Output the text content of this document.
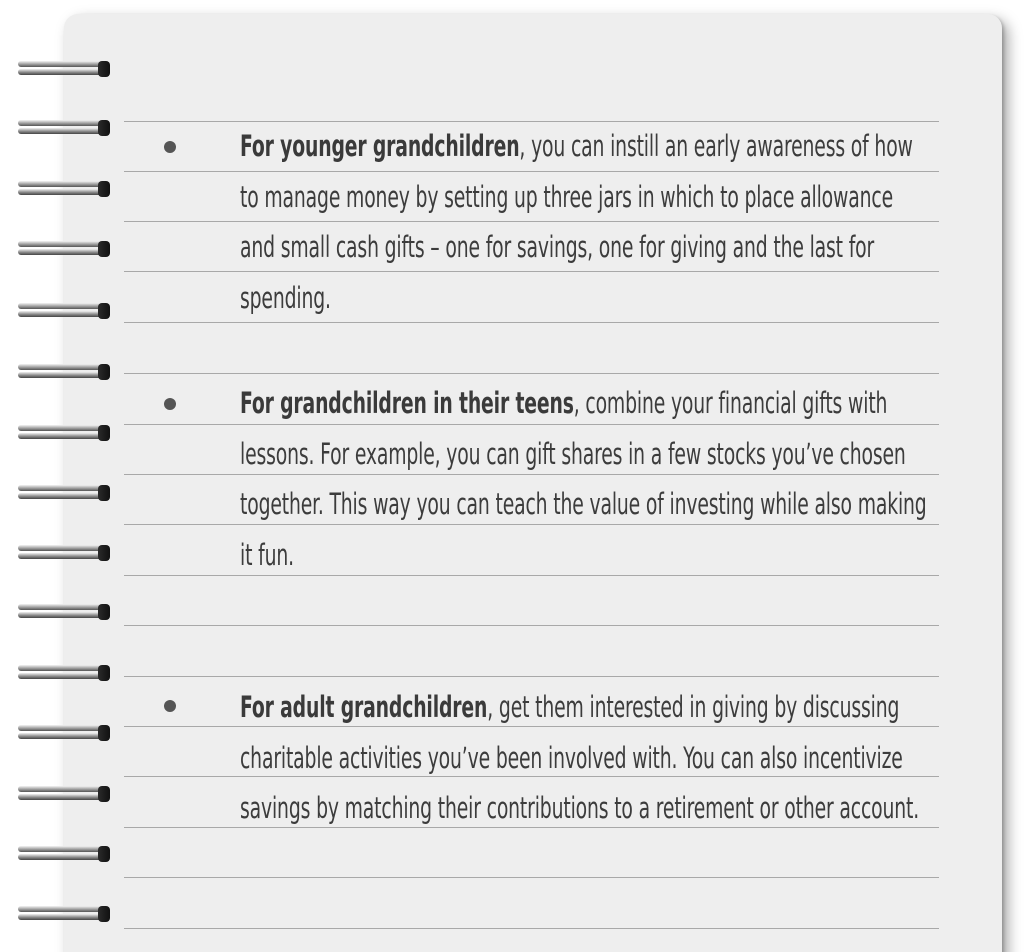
For younger grandchildren, you can instill an early awareness of how to manage money by setting up three jars in which to place allowance and small cash gifts – one for savings, one for giving and the last for spending.
For grandchildren in their teens, combine your financial gifts with lessons. For example, you can gift shares in a few stocks you’ve chosen together. This way you can teach the value of investing while also making it fun.
For adult grandchildren, get them interested in giving by discussing charitable activities you’ve been involved with. You can also incentivize savings by matching their contributions to a retirement or other account.
